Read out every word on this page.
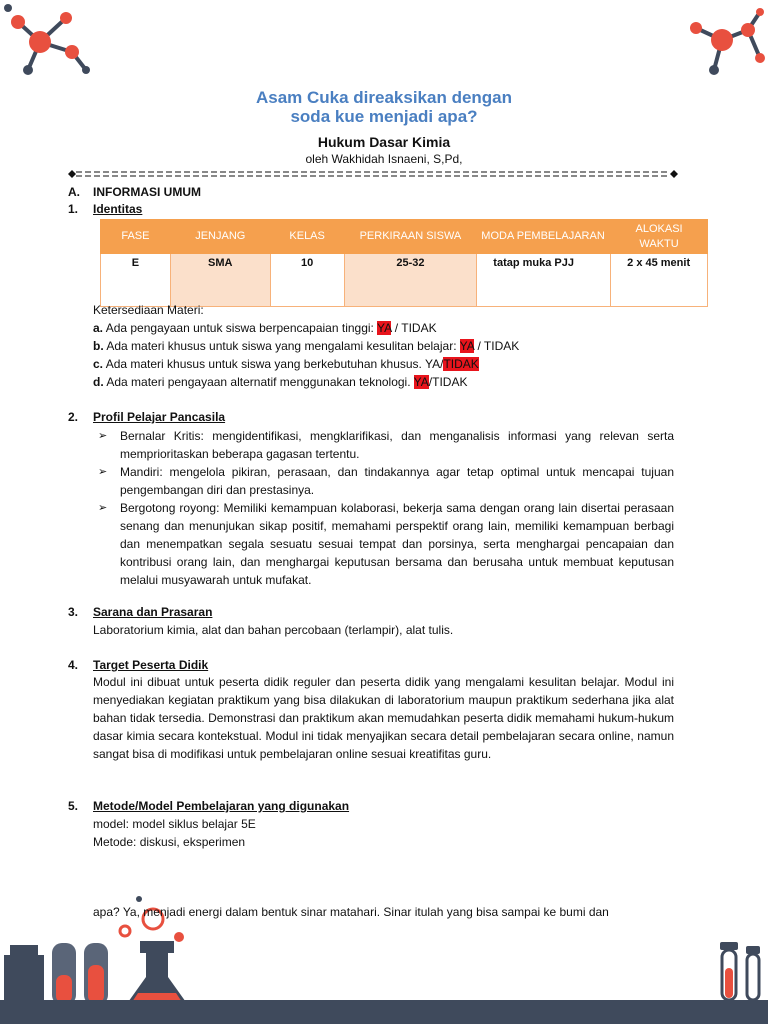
Asam Cuka direaksikan dengan
soda kue menjadi apa?
Hukum Dasar Kimia
oleh Wakhidah Isnaeni, S,Pd,
A. INFORMASI UMUM
1. Identitas
FASE	JENJANG	KELAS	PERKIRAAN SISWA	MODA PEMBELAJARAN	ALOKASI WAKTU
E	SMA	10	25-32	tatap muka PJJ	2 x 45 menit
Ketersediaan Materi:
a. Ada pengayaan untuk siswa berpencapaian tinggi: YA / TIDAK
b. Ada materi khusus untuk siswa yang mengalami kesulitan belajar: YA / TIDAK
c. Ada materi khusus untuk siswa yang berkebutuhan khusus. YA/TIDAK
d. Ada materi pengayaan alternatif menggunakan teknologi. YA/TIDAK
2. Profil Pelajar Pancasila
➢ Bernalar Kritis: mengidentifikasi, mengklarifikasi, dan menganalisis informasi yang relevan serta memprioritaskan beberapa gagasan tertentu.
➢ Mandiri: mengelola pikiran, perasaan, dan tindakannya agar tetap optimal untuk mencapai tujuan pengembangan diri dan prestasinya.
➢ Bergotong royong: Memiliki kemampuan kolaborasi, bekerja sama dengan orang lain disertai perasaan senang dan menunjukan sikap positif, memahami perspektif orang lain, memiliki kemampuan berbagi dan menempatkan segala sesuatu sesuai tempat dan porsinya, serta menghargai pencapaian dan kontribusi orang lain, dan menghargai keputusan bersama dan berusaha untuk membuat keputusan melalui musyawarah untuk mufakat.
3. Sarana dan Prasaran
Laboratorium kimia, alat dan bahan percobaan (terlampir), alat tulis.
4. Target Peserta Didik
Modul ini dibuat untuk peserta didik reguler dan peserta didik yang mengalami kesulitan belajar. Modul ini menyediakan kegiatan praktikum yang bisa dilakukan di laboratorium maupun praktikum sederhana jika alat bahan tidak tersedia. Demonstrasi dan praktikum akan memudahkan peserta didik memahami hukum-hukum dasar kimia secara kontekstual. Modul ini tidak menyajikan secara detail pembelajaran secara online, namun sangat bisa di modifikasi untuk pembelajaran online sesuai kreatifitas guru.
5. Metode/Model Pembelajaran yang digunakan
model: model siklus belajar 5E
Metode: diskusi, eksperimen
apa? Ya, menjadi energi dalam bentuk sinar matahari. Sinar itulah yang bisa sampai ke bumi dan
